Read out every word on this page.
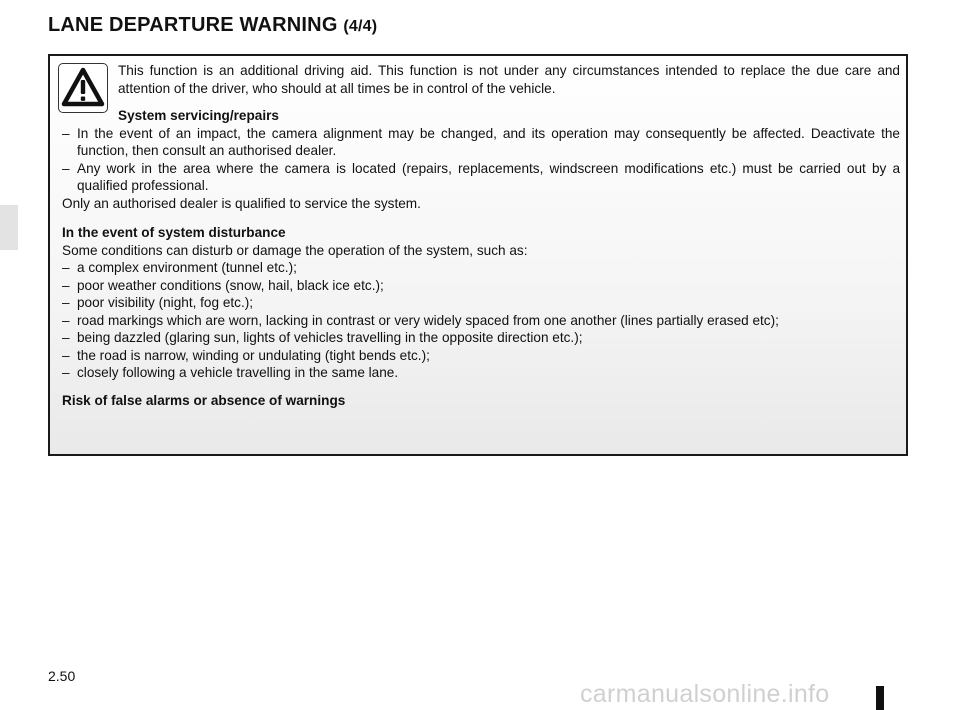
LANE DEPARTURE WARNING (4/4)

This function is an additional driving aid. This function is not under any circumstances intended to replace the due care and attention of the driver, who should at all times be in control of the vehicle.

System servicing/repairs

– In the event of an impact, the camera alignment may be changed, and its operation may consequently be affected. Deactivate the function, then consult an authorised dealer.
– Any work in the area where the camera is located (repairs, replacements, windscreen modifications etc.) must be carried out by a qualified professional.

Only an authorised dealer is qualified to service the system.

In the event of system disturbance

Some conditions can disturb or damage the operation of the system, such as:

– a complex environment (tunnel etc.);
– poor weather conditions (snow, hail, black ice etc.);
– poor visibility (night, fog etc.);
– road markings which are worn, lacking in contrast or very widely spaced from one another (lines partially erased etc);
– being dazzled (glaring sun, lights of vehicles travelling in the opposite direction etc.);
– the road is narrow, winding or undulating (tight bends etc.);
– closely following a vehicle travelling in the same lane.

Risk of false alarms or absence of warnings

2.50
carmanualsonline.info
